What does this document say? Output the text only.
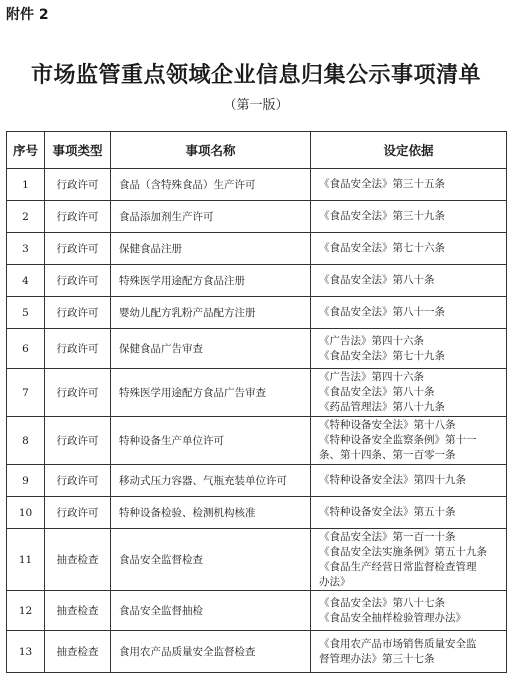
附件 2
市场监管重点领域企业信息归集公示事项清单
（第一版）
序号	事项类型	事项名称	设定依据
1	行政许可	食品（含特殊食品）生产许可	《食品安全法》第三十五条

2	行政许可	食品添加剂生产许可	《食品安全法》第三十九条

3	行政许可	保健食品注册	《食品安全法》第七十六条

4	行政许可	特殊医学用途配方食品注册	《食品安全法》第八十条

5	行政许可	婴幼儿配方乳粉产品配方注册	《食品安全法》第八十一条

6	行政许可	保健食品广告审查	《广告法》第四十六条
《食品安全法》第七十九条

7	行政许可	特殊医学用途配方食品广告审查	《广告法》第四十六条
《食品安全法》第八十条
《药品管理法》第八十九条

8	行政许可	特种设备生产单位许可	《特种设备安全法》第十八条
《特种设备安全监察条例》第十一
条、第十四条、第一百零一条

9	行政许可	移动式压力容器、气瓶充装单位许可	《特种设备安全法》第四十九条

10	行政许可	特种设备检验、检测机构核准	《特种设备安全法》第五十条

11	抽查检查	食品安全监督检查	《食品安全法》第一百一十条
《食品安全法实施条例》第五十九条
《食品生产经营日常监督检查管理
办法》

12	抽查检查	食品安全监督抽检	《食品安全法》第八十七条
《食品安全抽样检验管理办法》

13	抽查检查	食用农产品质量安全监督检查	《食用农产品市场销售质量安全监
督管理办法》第三十七条
